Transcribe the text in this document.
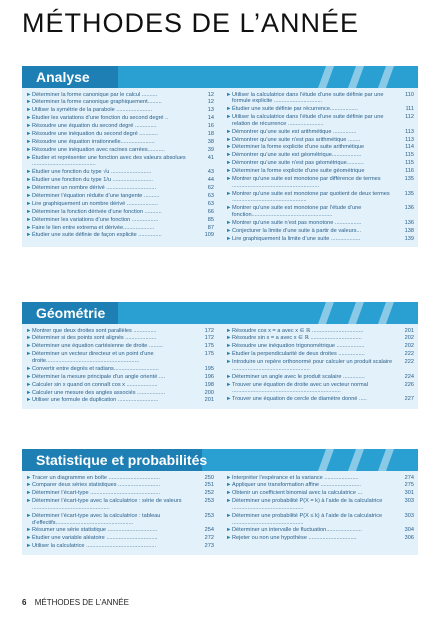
MÉTHODES DE L’ANNÉE
Analyse
► Déterminer la forme canonique par le calcul ..........	12
► Déterminer la forme canonique graphiquement.........	12
► Utiliser la symétrie de la parabole .......................	13
► Étudier les variations d’une fonction du second degré ..	14
► Résoudre une équation du second degré ..............	16
► Résoudre une inéquation du second degré ............	18
► Résoudre une équation irrationnelle......................	38
► Résoudre une inéquation avec racines carrées...........	39
► Étudier et représenter une fonction avec des valeurs absolues .........................................
41
► Étudier une fonction du type √u ..........................	43
► Étudier une fonction du type 1/u ..........................	44
► Déterminer un nombre dérivé ................................	62
► Déterminer l’équation réduite d’une tangente ..........	63
► Lire graphiquement un nombre dérivé ....................	63
► Déterminer la fonction dérivée d’une fonction ...........	66
► Déterminer les variations d’une fonction .................	85
► Faire le lien entre extrema et dérivée....................	87
► Étudier une suite définie de façon explicite ...............	109
► Utiliser la calculatrice dans l’étude d’une suite définie par une formule explicite ...............................
110
► Étudier une suite définie par récurrence..................	111
► Utiliser la calculatrice dans l’étude d’une suite définie par une relation de récurrence .......................
112
► Démontrer qu’une suite est arithmétique ...............	113
► Démontrer qu’une suite n’est pas arithmétique ........	113
► Déterminer la forme explicite d’une suite arithmétique	114
► Démontrer qu’une suite est géométrique...................	115
► Démontrer qu’une suite n’est pas géométrique...........	115
► Déterminer la forme explicite d’une suite géométrique	116
► Montrer qu’une suite est monotone par différence de termes ........................................................
135
► Montrer qu’une suite est monotone par quotient de deux termes ................................................
135
► Montrer qu’une suite est monotone par l’étude d’une fonction....................................................
136
► Montrer qu’une suite n’est pas monotone .................	136
► Conjecturer la limite d’une suite à partir de valeurs...	138
► Lire graphiquement la limite d’une suite ...................	139
Géométrie
► Montrer que deux droites sont parallèles ...............	172
► Déterminer si des points sont alignés ....................	172
► Déterminer une équation cartésienne de droite .........	175
► Déterminer un vecteur directeur et un point d’une droite............................................................
175
► Convertir entre degrés et radians.............................	195
► Déterminer la mesure principale d’un angle orienté ....	196
► Calculer sin x quand on connaît cos x ....................	198
► Calculer une mesure des angles associés ..................	200
► Utiliser une formule de duplication ..........................	201
► Résoudre cos x = a avec x ∈ ℝ .................................	201
► Résoudre sin x = a avec x ∈ ℝ .................................	202
► Résoudre une inéquation trigonométrique ..................	202
► Étudier la perpendicularité de deux droites .................	222
► Introduire un repère orthonormé pour calculer un produit scalaire ..................................................
222
► Déterminer un angle avec le produit scalaire ..............	224
► Trouver une équation de droite avec un vecteur normal ......................................................................
226
► Trouver une équation de cercle de diamètre donné .....	227
Statistique et probabilités
► Tracer un diagramme en boîte .................................	250
► Comparer deux séries statistiques ...........................	251
► Déterminer l’écart-type .............................................	252
► Déterminer l’écart-type avec la calculatrice : série de valeurs ..................................................
253
► Déterminer l’écart-type avec la calculatrice : tableau d’effectifs..................................................
253
► Résumer une série statistique ................................	254
► Étudier une variable aléatoire .................................	272
► Utiliser la calculatrice .............................................	273
► Interpréter l’espérance et la variance ......................	274
► Appliquer une transformation affine ..........................	275
► Obtenir un coefficient binomial avec la calculatrice ...	301
► Déterminer une probabilité P(X = k) à l’aide de la calculatrice ..............................................
303
► Déterminer une probabilité P(X ≤ k) à l’aide de la calculatrice ..............................................
303
► Déterminer un intervalle de fluctuation.......................	304
► Rejeter ou non une hypothèse ...............................	306
6 MÉTHODES DE L’ANNÉE
